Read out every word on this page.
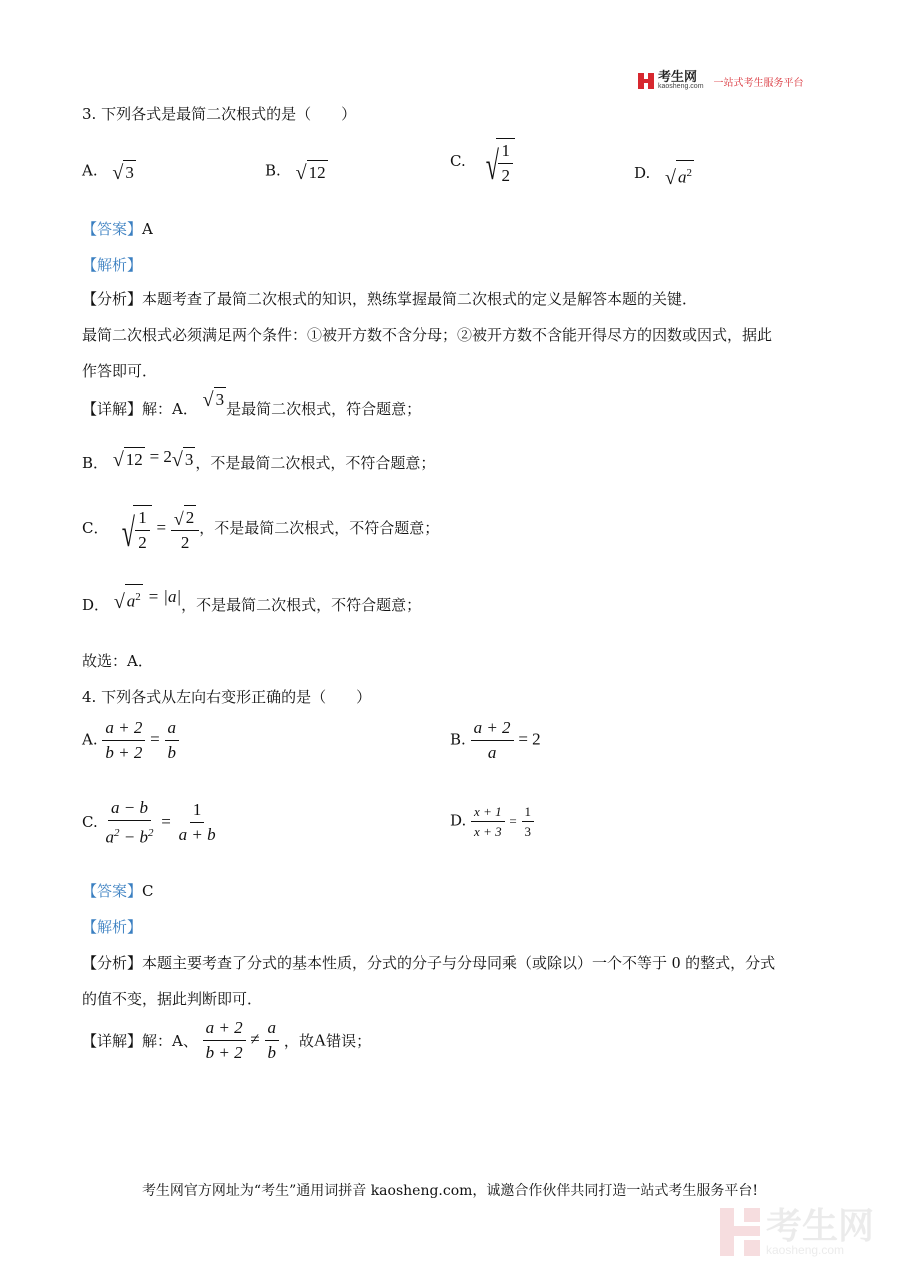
考生网
kaosheng.com 一站式考生服务平台
3. 下列各式是最简二次根式的是（　　）
A. √ 3	B. √ 12
C. √ $\frac{1}{2}$	D. √ $a^2$
【答案】A
【解析】
【分析】本题考查了最简二次根式的知识，熟练掌握最简二次根式的定义是解答本题的关键．
最简二次根式必须满足两个条件：①被开方数不含分母；②被开方数不含能开得尽方的因数或因式，据此
作答即可．
【详解】解：A． √ 3
是最简二次根式，符合题意；
B． √ 12 = 2 √ 3 ，不是最简二次根式，不符合题意；
C． √ $\frac{1}{2} = \frac{√ 2}{2}$ ，不是最简二次根式，不符合题意；
D． √ $a^2 = |a|$，不是最简二次根式，不符合题意；
故选：A．
4. 下列各式从左向右变形正确的是（　　）
A. $\frac{a + 2}{b + 2} = \frac{a}{b}$	B. $\frac{a + 2}{a} = 2$
C. $\frac{a - b}{a^2 - b^2} = \frac{1}{a + b}$	D. $\frac{x + 1}{x + 3} = \frac{1}{3}$
【答案】C
【解析】
【分析】本题主要考查了分式的基本性质，分式的分子与分母同乘（或除以）一个不等于 0 的整式，分式
的值不变，据此判断即可．
【详解】解：A、 $\frac{a + 2}{b + 2} \ne \frac{a}{b}$ ，故A错误；
考生网官方网址为“考生”通用词拼音 kaosheng.com，诚邀合作伙伴共同打造一站式考生服务平台!
考生网
kaosheng.com
